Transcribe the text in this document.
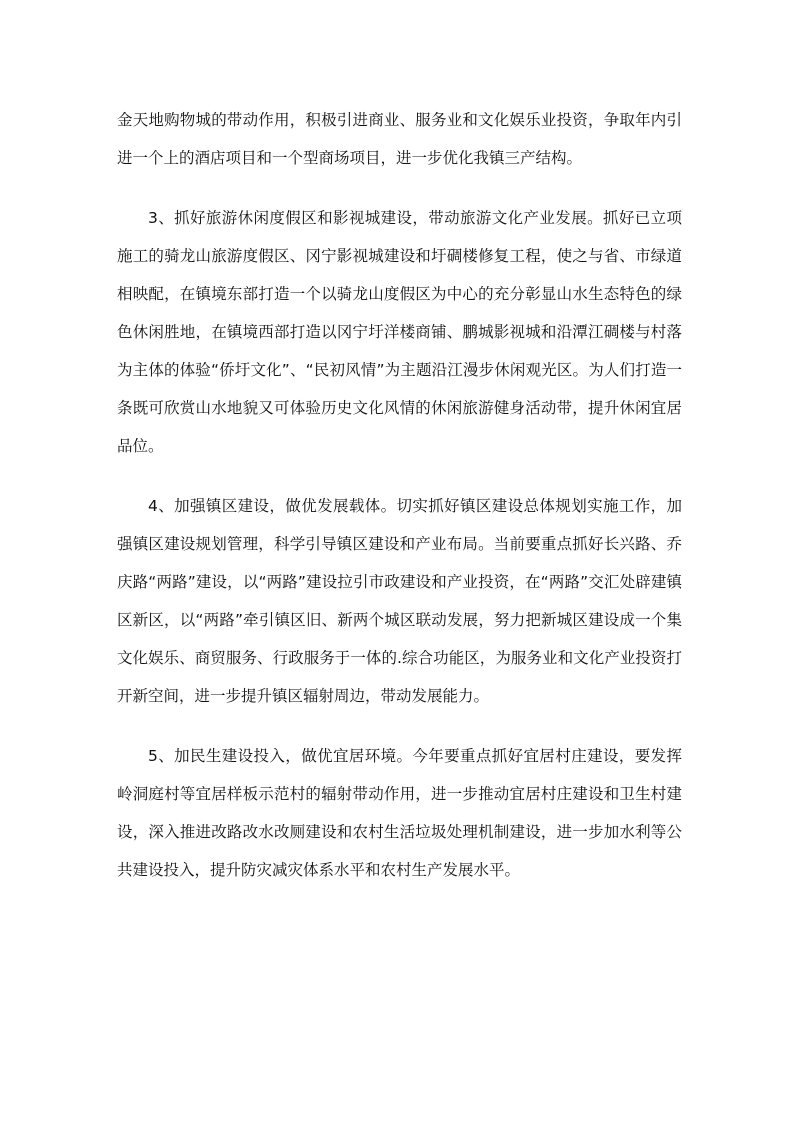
金天地购物城的带动作用，积极引进商业、服务业和文化娱乐业投资，争取年内引进一个上的酒店项目和一个型商场项目，进一步优化我镇三产结构。

3、抓好旅游休闲度假区和影视城建设，带动旅游文化产业发展。抓好已立项施工的骑龙山旅游度假区、冈宁影视城建设和圩碉楼修复工程，使之与省、市绿道相映配，在镇境东部打造一个以骑龙山度假区为中心的充分彰显山水生态特色的绿色休闲胜地，在镇境西部打造以冈宁圩洋楼商铺、鹏城影视城和沿潭江碉楼与村落为主体的体验“侨圩文化”、“民初风情”为主题沿江漫步休闲观光区。为人们打造一条既可欣赏山水地貌又可体验历史文化风情的休闲旅游健身活动带，提升休闲宜居品位。

4、加强镇区建设，做优发展载体。切实抓好镇区建设总体规划实施工作，加强镇区建设规划管理，科学引导镇区建设和产业布局。当前要重点抓好长兴路、乔庆路“两路”建设，以“两路”建设拉引市政建设和产业投资，在“两路”交汇处辟建镇区新区，以“两路”牵引镇区旧、新两个城区联动发展，努力把新城区建设成一个集文化娱乐、商贸服务、行政服务于一体的.综合功能区，为服务业和文化产业投资打开新空间，进一步提升镇区辐射周边，带动发展能力。

5、加民生建设投入，做优宜居环境。今年要重点抓好宜居村庄建设，要发挥岭洞庭村等宜居样板示范村的辐射带动作用，进一步推动宜居村庄建设和卫生村建设，深入推进改路改水改厕建设和农村生活垃圾处理机制建设，进一步加水利等公共建设投入，提升防灾减灾体系水平和农村生产发展水平。
